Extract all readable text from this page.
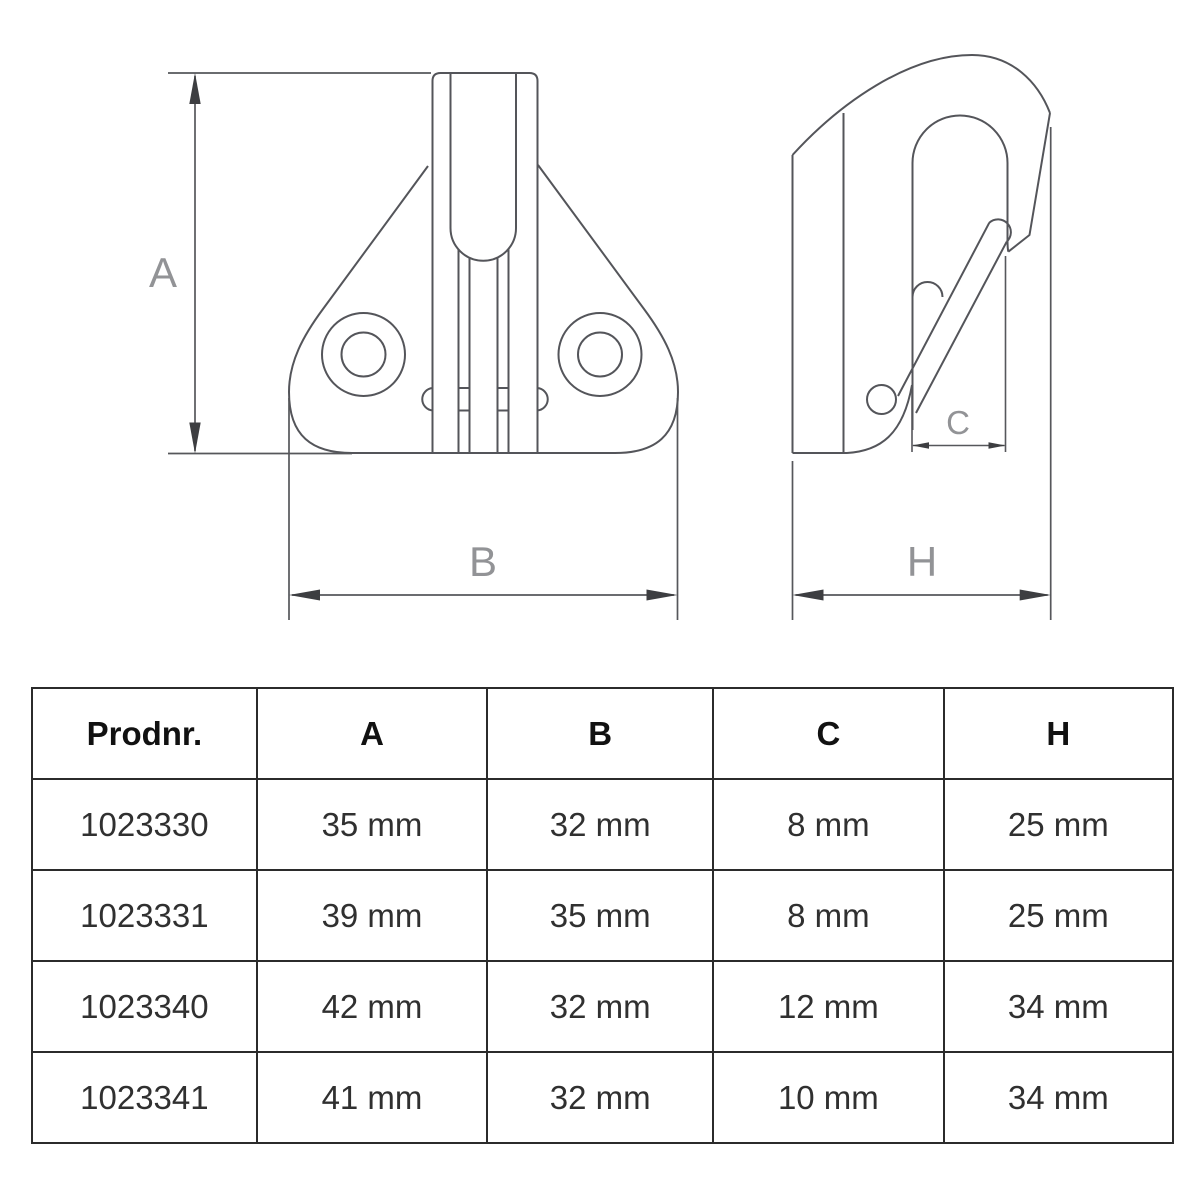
A
B
C
H
Prodnr.	A	B	C	H
1023330	35 mm	32 mm	8 mm	25 mm
1023331	39 mm	35 mm	8 mm	25 mm
1023340	42 mm	32 mm	12 mm	34 mm
1023341	41 mm	32 mm	10 mm	34 mm
